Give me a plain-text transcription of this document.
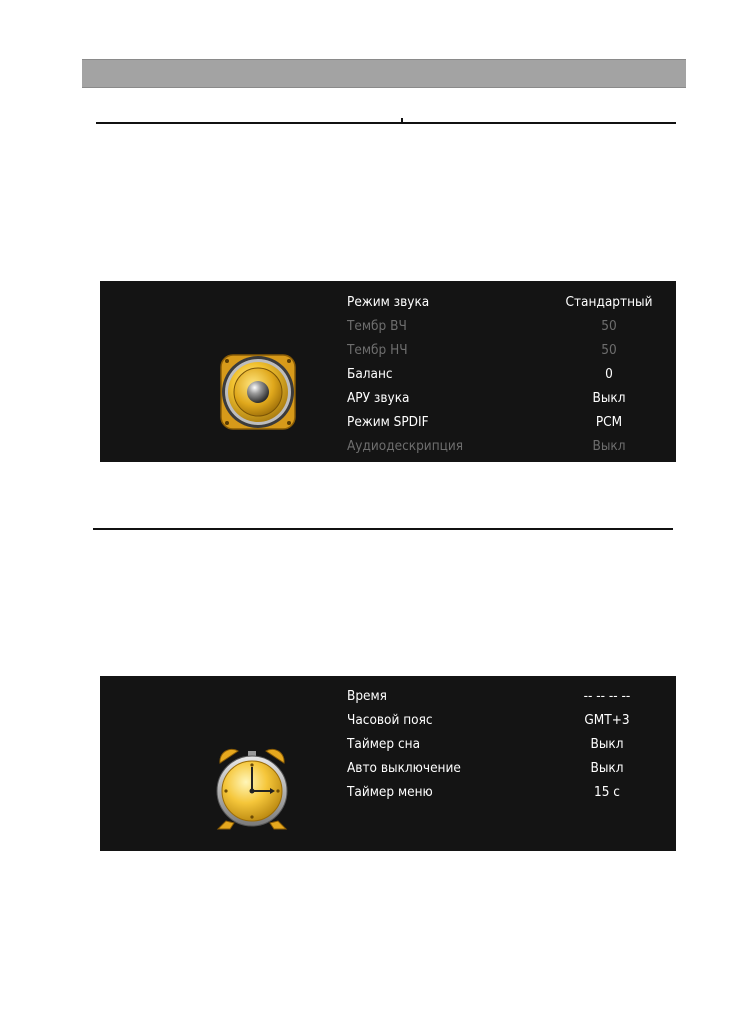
Режим звука	Стандартный
Тембр ВЧ	50
Тембр НЧ	50
Баланс	0
АРУ звука	Выкл
Режим SPDIF	PCM
Аудиодескрипция	Выкл
Время	-- -- -- --
Часовой пояс	GMT+3
Таймер сна	Выкл
Авто выключение	Выкл
Таймер меню	15 с
